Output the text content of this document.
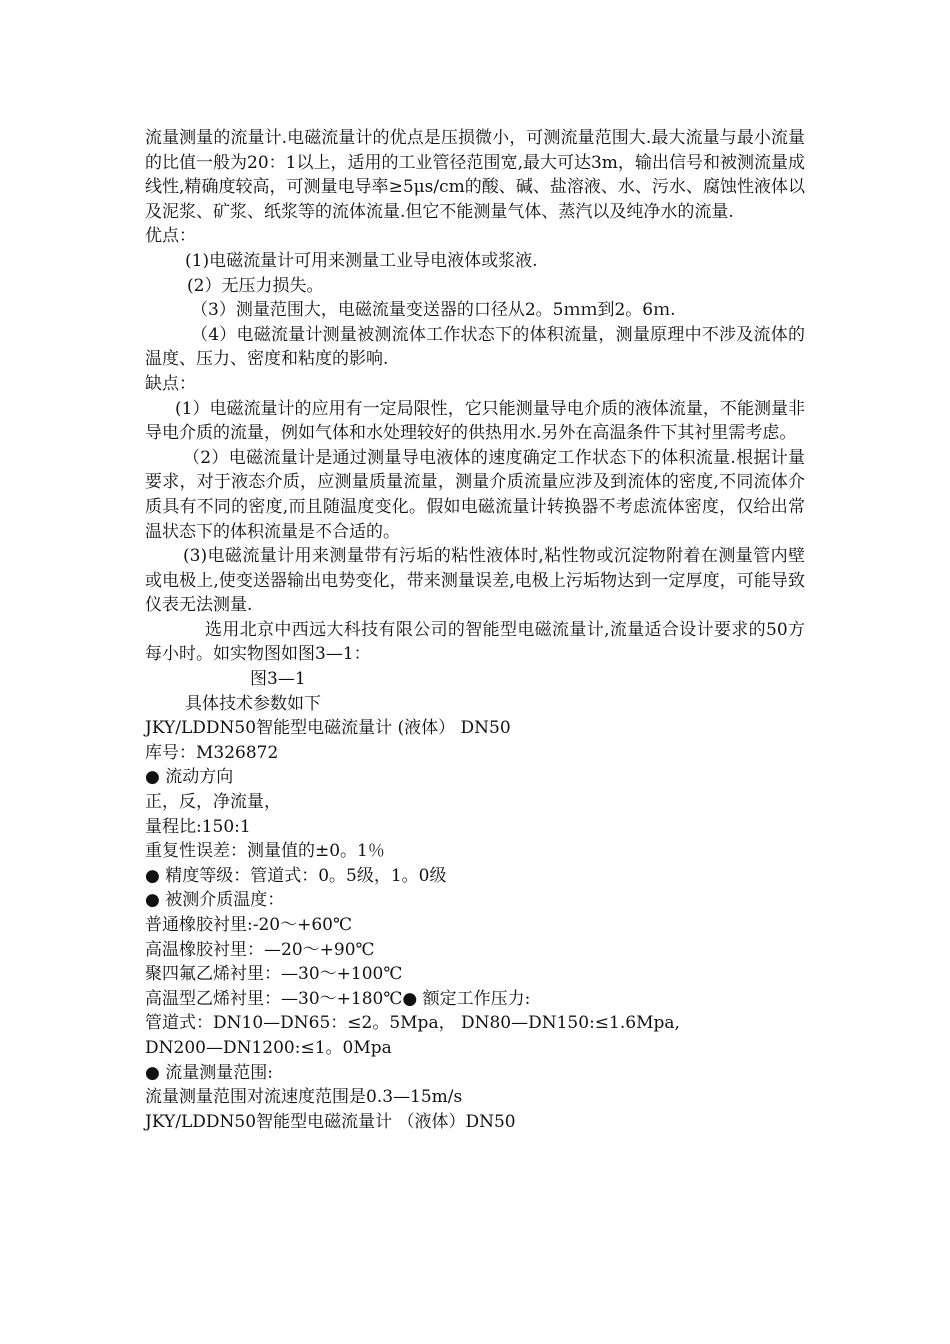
流量测量的流量计.电磁流量计的优点是压损微小，可测流量范围大.最大流量与最小流量的比值一般为20：1以上，适用的工业管径范围宽,最大可达3m，输出信号和被测流量成线性,精确度较高，可测量电导率≥5μs/cm的酸、碱、盐溶液、水、污水、腐蚀性液体以及泥浆、矿浆、纸浆等的流体流量.但它不能测量气体、蒸汽以及纯净水的流量.

优点：

(1)电磁流量计可用来测量工业导电液体或浆液.

(2）无压力损失。

（3）测量范围大，电磁流量变送器的口径从2。5ｍｍ到2。6ｍ.

（4）电磁流量计测量被测流体工作状态下的体积流量，测量原理中不涉及流体的温度、压力、密度和粘度的影响.

缺点：

(1）电磁流量计的应用有一定局限性，它只能测量导电介质的液体流量，不能测量非导电介质的流量，例如气体和水处理较好的供热用水.另外在高温条件下其衬里需考虑。

（2）电磁流量计是通过测量导电液体的速度确定工作状态下的体积流量.根据计量要求，对于液态介质，应测量质量流量，测量介质流量应涉及到流体的密度,不同流体介质具有不同的密度,而且随温度变化。假如电磁流量计转换器不考虑流体密度，仅给出常温状态下的体积流量是不合适的。

(3)电磁流量计用来测量带有污垢的粘性液体时,粘性物或沉淀物附着在测量管内壁或电极上,使变送器输出电势变化，带来测量误差,电极上污垢物达到一定厚度，可能导致仪表无法测量.

选用北京中西远大科技有限公司的智能型电磁流量计,流量适合设计要求的50方每小时。如实物图如图3—1：

图3—1

具体技术参数如下

JKY/LDDN50智能型电磁流量计 (液体） DN50

库号：M326872

● 流动方向

正，反，净流量，

量程比:150:1

重复性误差：测量值的±0。1％

● 精度等级：管道式：0。5级，1。0级

● 被测介质温度：

普通橡胶衬里:-20～+60℃

高温橡胶衬里：—20～+90℃

聚四氟乙烯衬里：—30～+100℃

高温型乙烯衬里：—30～+180℃● 额定工作压力:

管道式：DN10—DN65：≤2。5Mpa， DN80—DN150:≤1.6Mpa,

DN200—DN1200:≤1。0Mpa

● 流量测量范围:

流量测量范围对流速度范围是0.3—15m/s

JKY/LDDN50智能型电磁流量计 （液体）DN50
